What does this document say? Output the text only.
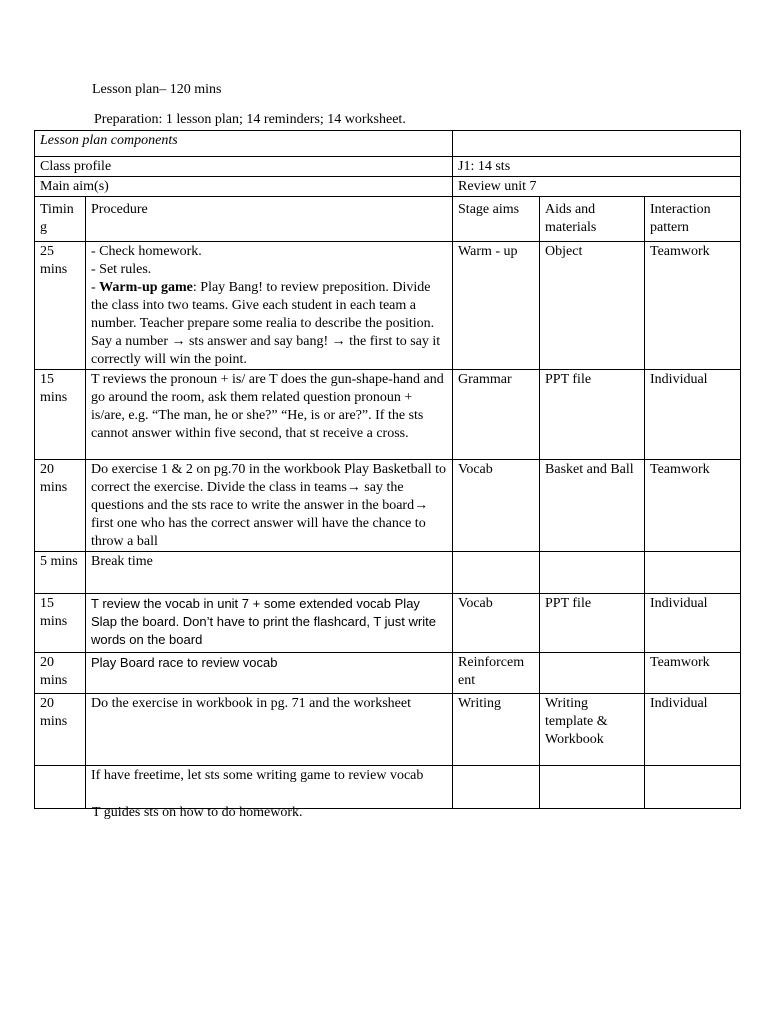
Lesson plan– 120 mins
Preparation: 1 lesson plan; 14 reminders; 14 worksheet.
Lesson plan components				
Class profile		J1: 14 sts		
Main aim(s)		Review unit 7		
Timin g	Procedure	Stage aims	Aids and materials	Interaction pattern
25 mins	- Check homework.
- Set rules.
- Warm-up game: Play Bang! to review preposition. Divide the class into two teams. Give each student in each team a number. Teacher prepare some realia to describe the position. Say a number → sts answer and say bang! → the first to say it correctly will win the point.	Warm - up	Object	Teamwork
15 mins	T reviews the pronoun + is/ are T does the gun-shape-hand and go around the room, ask them related question pronoun + is/are, e.g. “The man, he or she?” “He, is or are?”. If the sts cannot answer within five second, that st receive a cross.	Grammar	PPT file	Individual
20 mins	Do exercise 1 & 2 on pg.70 in the workbook Play Basketball to correct the exercise. Divide the class in teams→ say the questions and the sts race to write the answer in the board→ first one who has the correct answer will have the chance to throw a ball	Vocab	Basket and Ball	Teamwork
5 mins	Break time			
15 mins	T review the vocab in unit 7 + some extended vocab Play Slap the board. Don’t have to print the flashcard, T just write words on the board	Vocab	PPT file	Individual
20 mins	Play Board race to review vocab	Reinforcem ent		Teamwork
20 mins	Do the exercise in workbook in pg. 71 and the worksheet	Writing	Writing template & Workbook	Individual
	If have freetime, let sts some writing game to review vocab			
T guides sts on how to do homework.
